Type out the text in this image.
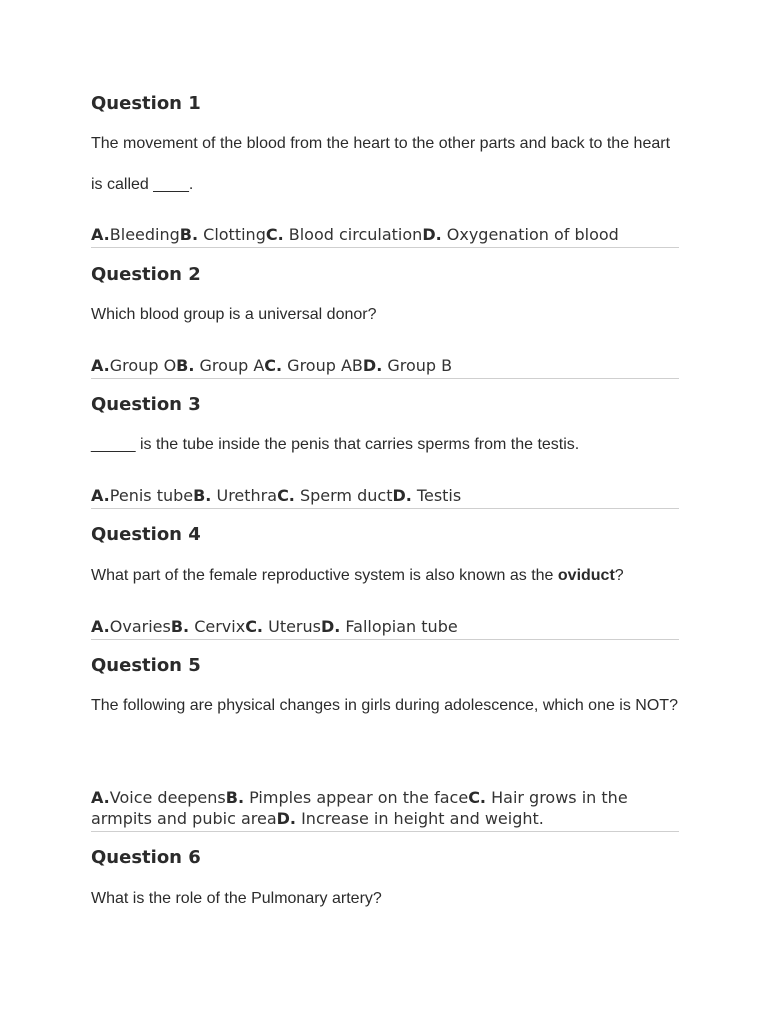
Question 1

The movement of the blood from the heart to the other parts and back to the heart is called ____.

A.BleedingB. ClottingC. Blood circulationD. Oxygenation of blood
Question 2

Which blood group is a universal donor?

A.Group OB. Group AC. Group ABD. Group B
Question 3

_____ is the tube inside the penis that carries sperms from the testis.

A.Penis tubeB. UrethraC. Sperm ductD. Testis
Question 4

What part of the female reproductive system is also known as the oviduct?

A.OvariesB. CervixC. UterusD. Fallopian tube
Question 5

The following are physical changes in girls during adolescence, which one is NOT?

A.Voice deepensB. Pimples appear on the faceC. Hair grows in the armpits and pubic areaD. Increase in height and weight.
Question 6

What is the role of the Pulmonary artery?
